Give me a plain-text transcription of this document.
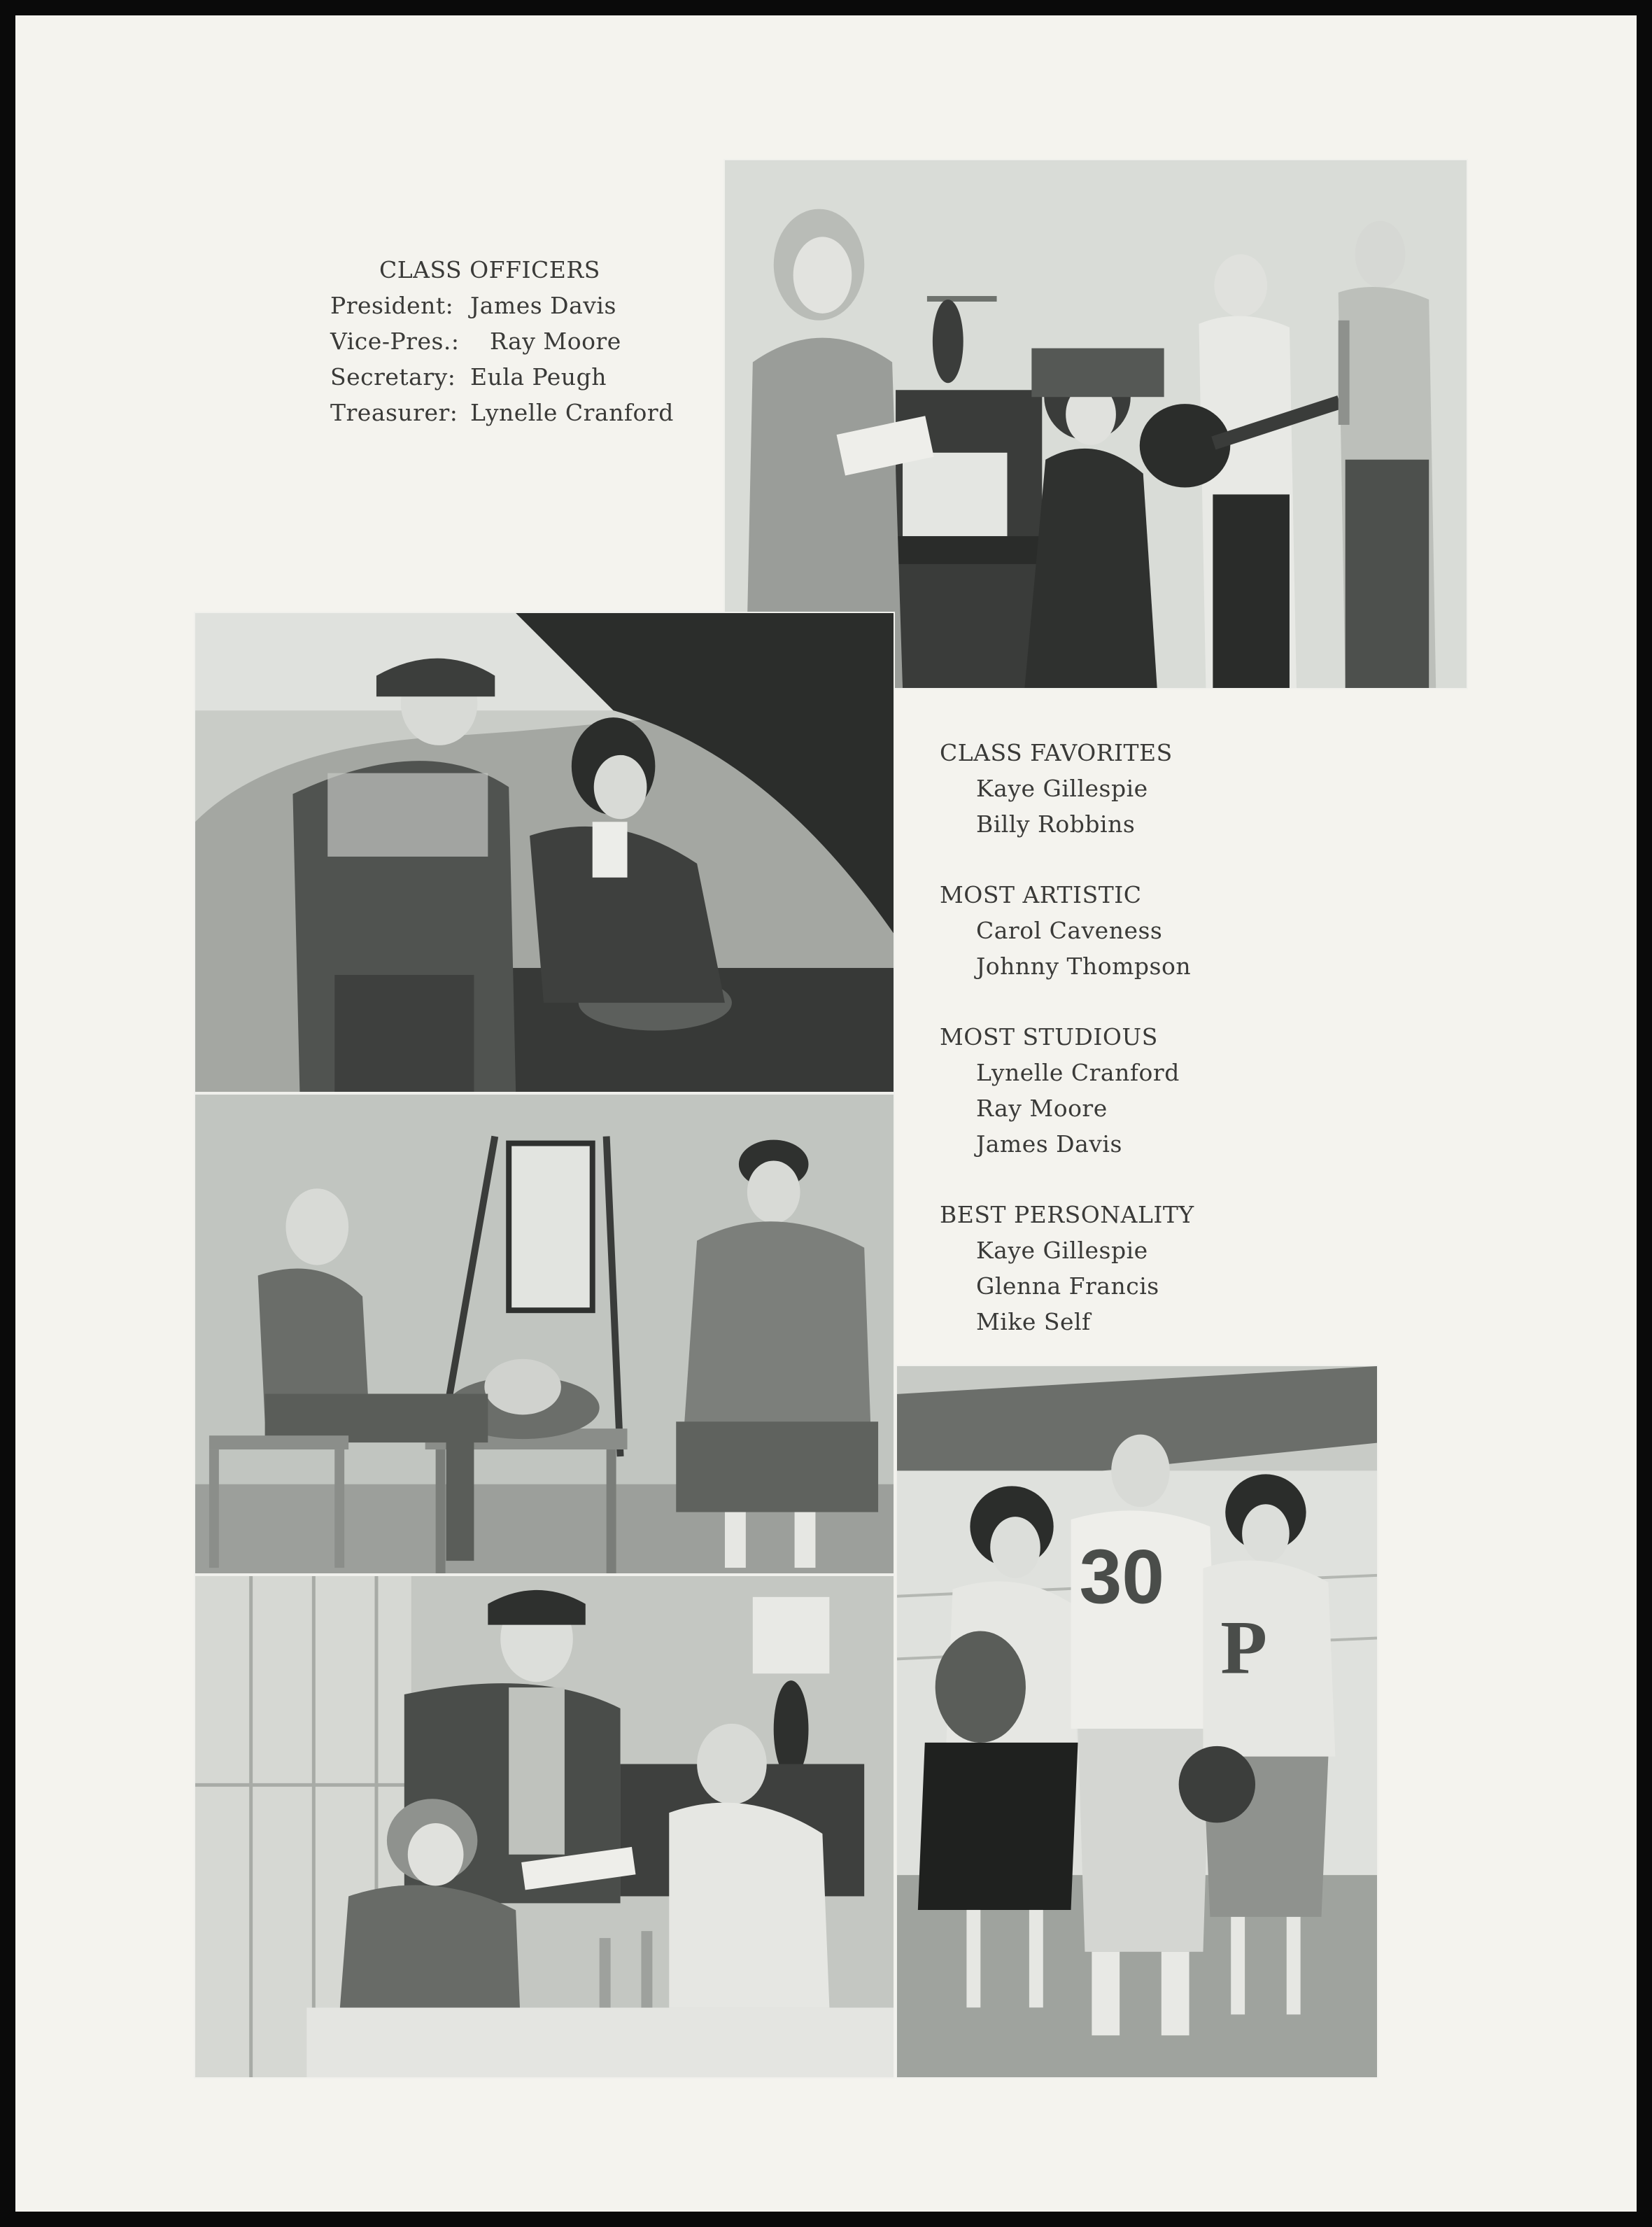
CLASS OFFICERS
President: James Davis
Vice-Pres.: Ray Moore
Secretary: Eula Peugh
Treasurer: Lynelle Cranford
CLASS FAVORITES
Kaye Gillespie
Billy Robbins
MOST ARTISTIC
Carol Caveness
Johnny Thompson
MOST STUDIOUS
Lynelle Cranford
Ray Moore
James Davis
BEST PERSONALITY
Kaye Gillespie
Glenna Francis
Mike Self
30
P
